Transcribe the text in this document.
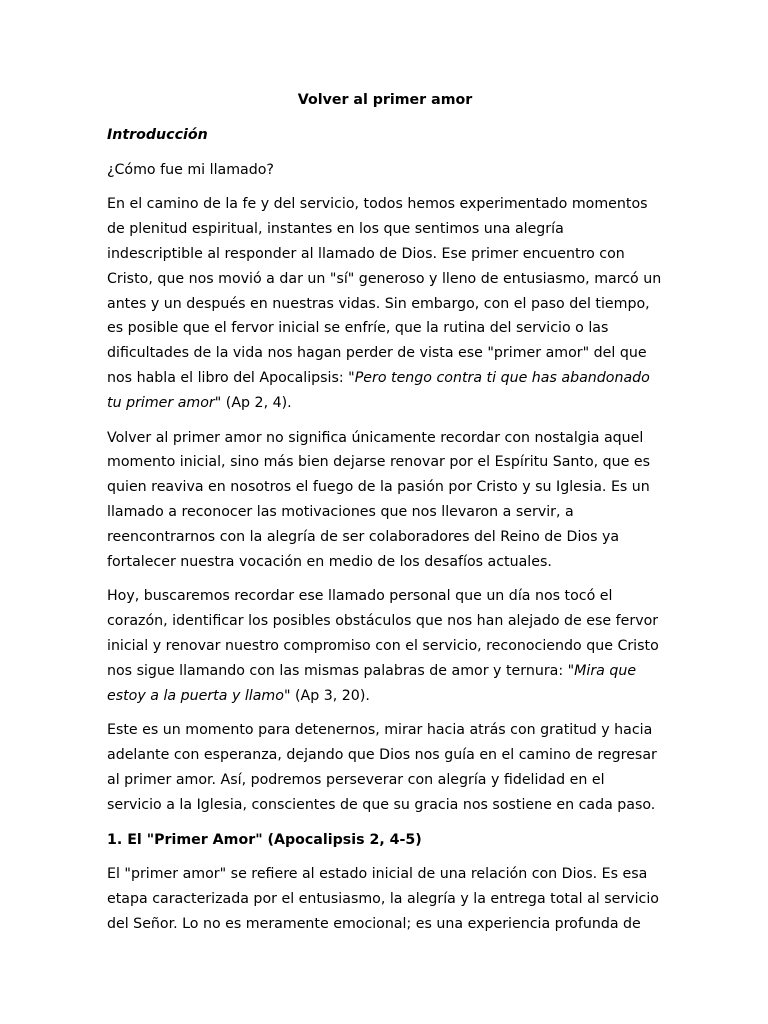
Volver al primer amor
Introducción

¿Cómo fue mi llamado?

En el camino de la fe y del servicio, todos hemos experimentado momentos de plenitud espiritual, instantes en los que sentimos una alegría indescriptible al responder al llamado de Dios. Ese primer encuentro con Cristo, que nos movió a dar un "sí" generoso y lleno de entusiasmo, marcó un antes y un después en nuestras vidas. Sin embargo, con el paso del tiempo, es posible que el fervor inicial se enfríe, que la rutina del servicio o las dificultades de la vida nos hagan perder de vista ese "primer amor" del que nos habla el libro del Apocalipsis: "Pero tengo contra ti que has abandonado tu primer amor" (Ap 2, 4).

Volver al primer amor no significa únicamente recordar con nostalgia aquel momento inicial, sino más bien dejarse renovar por el Espíritu Santo, que es quien reaviva en nosotros el fuego de la pasión por Cristo y su Iglesia. Es un llamado a reconocer las motivaciones que nos llevaron a servir, a reencontrarnos con la alegría de ser colaboradores del Reino de Dios ya fortalecer nuestra vocación en medio de los desafíos actuales.

Hoy, buscaremos recordar ese llamado personal que un día nos tocó el corazón, identificar los posibles obstáculos que nos han alejado de ese fervor inicial y renovar nuestro compromiso con el servicio, reconociendo que Cristo nos sigue llamando con las mismas palabras de amor y ternura: "Mira que estoy a la puerta y llamo" (Ap 3, 20).

Este es un momento para detenernos, mirar hacia atrás con gratitud y hacia adelante con esperanza, dejando que Dios nos guía en el camino de regresar al primer amor. Así, podremos perseverar con alegría y fidelidad en el servicio a la Iglesia, conscientes de que su gracia nos sostiene en cada paso.

1. El "Primer Amor" (Apocalipsis 2, 4-5)

El "primer amor" se refiere al estado inicial de una relación con Dios. Es esa etapa caracterizada por el entusiasmo, la alegría y la entrega total al servicio del Señor. Lo no es meramente emocional; es una experiencia profunda de
